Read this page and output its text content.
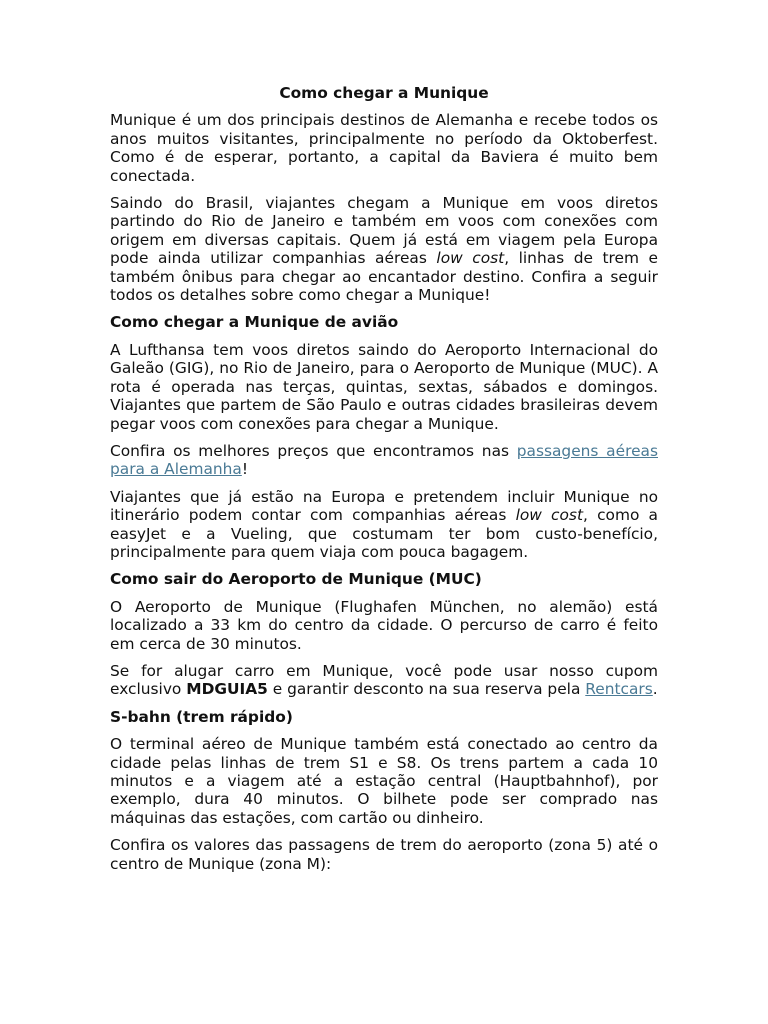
Como chegar a Munique

Munique é um dos principais destinos de Alemanha e recebe todos os anos muitos visitantes, principalmente no período da Oktoberfest. Como é de esperar, portanto, a capital da Baviera é muito bem conectada.

Saindo do Brasil, viajantes chegam a Munique em voos diretos partindo do Rio de Janeiro e também em voos com conexões com origem em diversas capitais. Quem já está em viagem pela Europa pode ainda utilizar companhias aéreas low cost, linhas de trem e também ônibus para chegar ao encantador destino. Confira a seguir todos os detalhes sobre como chegar a Munique!

Como chegar a Munique de avião

A Lufthansa tem voos diretos saindo do Aeroporto Internacional do Galeão (GIG), no Rio de Janeiro, para o Aeroporto de Munique (MUC). A rota é operada nas terças, quintas, sextas, sábados e domingos. Viajantes que partem de São Paulo e outras cidades brasileiras devem pegar voos com conexões para chegar a Munique.

Confira os melhores preços que encontramos nas passagens aéreas para a Alemanha!

Viajantes que já estão na Europa e pretendem incluir Munique no itinerário podem contar com companhias aéreas low cost, como a easyJet e a Vueling, que costumam ter bom custo-benefício, principalmente para quem viaja com pouca bagagem.

Como sair do Aeroporto de Munique (MUC)

O Aeroporto de Munique (Flughafen München, no alemão) está localizado a 33 km do centro da cidade. O percurso de carro é feito em cerca de 30 minutos.

Se for alugar carro em Munique, você pode usar nosso cupom exclusivo MDGUIA5 e garantir desconto na sua reserva pela Rentcars.

S-bahn (trem rápido)

O terminal aéreo de Munique também está conectado ao centro da cidade pelas linhas de trem S1 e S8. Os trens partem a cada 10 minutos e a viagem até a estação central (Hauptbahnhof), por exemplo, dura 40 minutos. O bilhete pode ser comprado nas máquinas das estações, com cartão ou dinheiro.

Confira os valores das passagens de trem do aeroporto (zona 5) até o centro de Munique (zona M):
